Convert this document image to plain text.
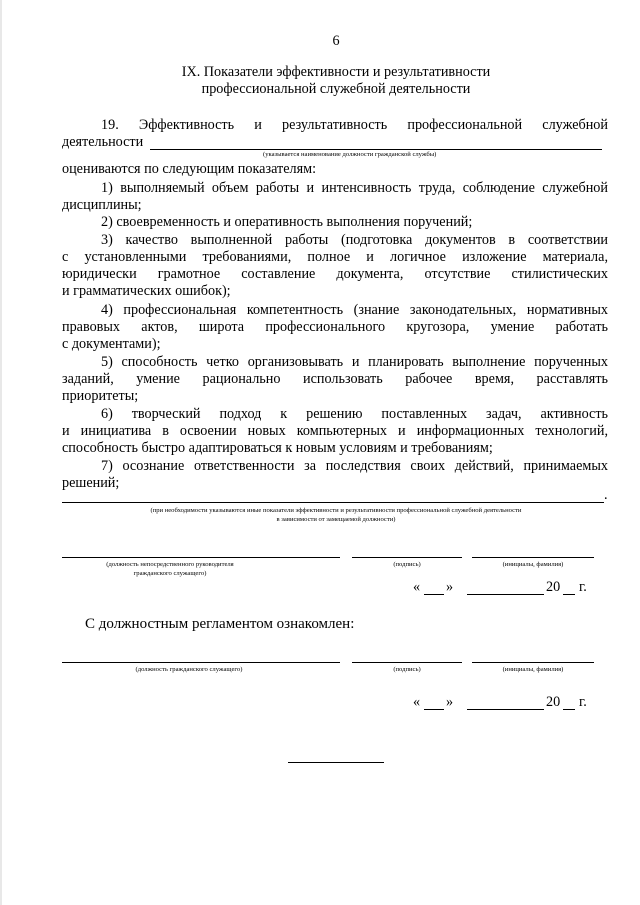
6
IX. Показатели эффективности и результативности
профессиональной служебной деятельности
19. Эффективность и результативность профессиональной служебной
деятельности
(указывается наименование должности гражданской службы)
оцениваются по следующим показателям:
1) выполняемый объем работы и интенсивность труда, соблюдение служебной
дисциплины;
2) своевременность и оперативность выполнения поручений;
3) качество выполненной работы (подготовка документов в соответствии
с установленными требованиями, полное и логичное изложение материала,
юридически грамотное составление документа, отсутствие стилистических
и грамматических ошибок);
4) профессиональная компетентность (знание законодательных, нормативных
правовых актов, широта профессионального кругозора, умение работать
с документами);
5) способность четко организовывать и планировать выполнение порученных
заданий, умение рационально использовать рабочее время, расставлять
приоритеты;
6) творческий подход к решению поставленных задач, активность
и инициатива в освоении новых компьютерных и информационных технологий,
способность быстро адаптироваться к новым условиям и требованиям;
7) осознание ответственности за последствия своих действий, принимаемых
решений;
.
(при необходимости указываются иные показатели эффективности и результативности профессиональной служебной деятельности
в зависимости от замещаемой должности)
(должность непосредственного руководителя
гражданского служащего)
(подпись)	(инициалы, фамилия)
« »	20 г.
С должностным регламентом ознакомлен:
(должность гражданского служащего)	(подпись)	(инициалы, фамилия)
« »	20 г.
